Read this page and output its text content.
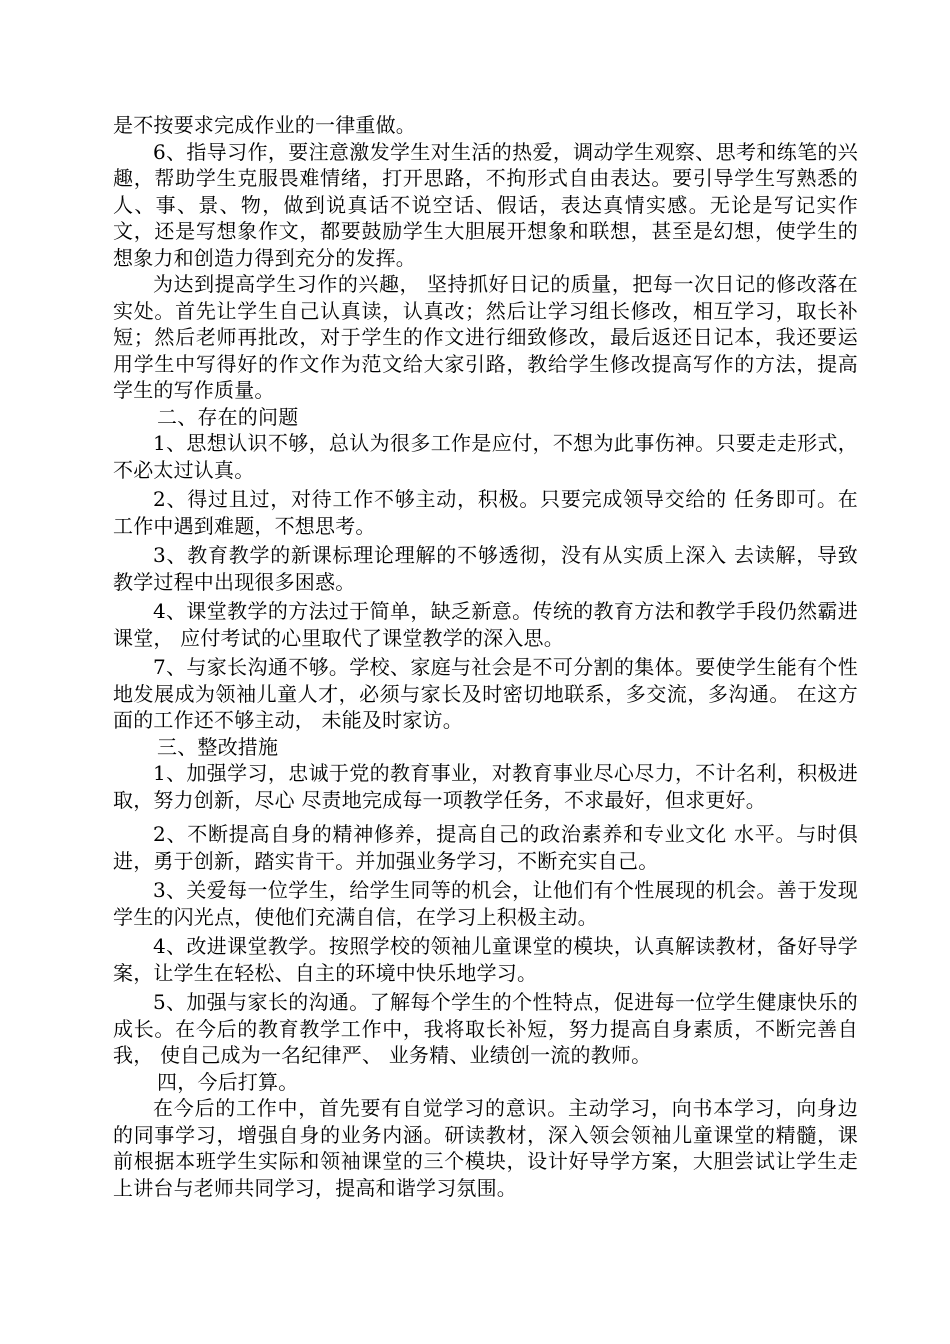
是不按要求完成作业的一律重做。

6、指导习作，要注意激发学生对生活的热爱，调动学生观察、思考和练笔的兴趣，帮助学生克服畏难情绪，打开思路，不拘形式自由表达。要引导学生写熟悉的人、事、景、物，做到说真话不说空话、假话，表达真情实感。无论是写记实作文，还是写想象作文，都要鼓励学生大胆展开想象和联想，甚至是幻想，使学生的想象力和创造力得到充分的发挥。

为达到提高学生习作的兴趣， 坚持抓好日记的质量，把每一次日记的修改落在实处。首先让学生自己认真读，认真改；然后让学习组长修改，相互学习，取长补短；然后老师再批改，对于学生的作文进行细致修改，最后返还日记本，我还要运用学生中写得好的作文作为范文给大家引路，教给学生修改提高写作的方法，提高学生的写作质量。

二、存在的问题

1、思想认识不够，总认为很多工作是应付，不想为此事伤神。只要走走形式，不必太过认真。

2、得过且过，对待工作不够主动，积极。只要完成领导交给的 任务即可。在工作中遇到难题，不想思考。

3、教育教学的新课标理论理解的不够透彻，没有从实质上深入 去读解，导致教学过程中出现很多困惑。

4、课堂教学的方法过于简单，缺乏新意。传统的教育方法和教学手段仍然霸进课堂， 应付考试的心里取代了课堂教学的深入思。

7、与家长沟通不够。学校、家庭与社会是不可分割的集体。要使学生能有个性地发展成为领袖儿童人才，必须与家长及时密切地联系，多交流，多沟通。 在这方面的工作还不够主动， 未能及时家访。

三、整改措施

1、加强学习，忠诚于党的教育事业，对教育事业尽心尽力，不计名利，积极进取，努力创新，尽心 尽责地完成每一项教学任务，不求最好，但求更好。

2、不断提高自身的精神修养，提高自己的政治素养和专业文化 水平。与时俱进，勇于创新，踏实肯干。并加强业务学习，不断充实自己。

3、关爱每一位学生，给学生同等的机会，让他们有个性展现的机会。善于发现学生的闪光点，使他们充满自信，在学习上积极主动。

4、改进课堂教学。按照学校的领袖儿童课堂的模块，认真解读教材，备好导学案，让学生在轻松、自主的环境中快乐地学习。

5、加强与家长的沟通。了解每个学生的个性特点，促进每一位学生健康快乐的成长。在今后的教育教学工作中，我将取长补短，努力提高自身素质，不断完善自我， 使自己成为一名纪律严、 业务精、业绩创一流的教师。

四，今后打算。

在今后的工作中，首先要有自觉学习的意识。主动学习，向书本学习，向身边的同事学习，增强自身的业务内涵。研读教材，深入领会领袖儿童课堂的精髓，课前根据本班学生实际和领袖课堂的三个模块，设计好导学方案，大胆尝试让学生走上讲台与老师共同学习，提高和谐学习氛围。
